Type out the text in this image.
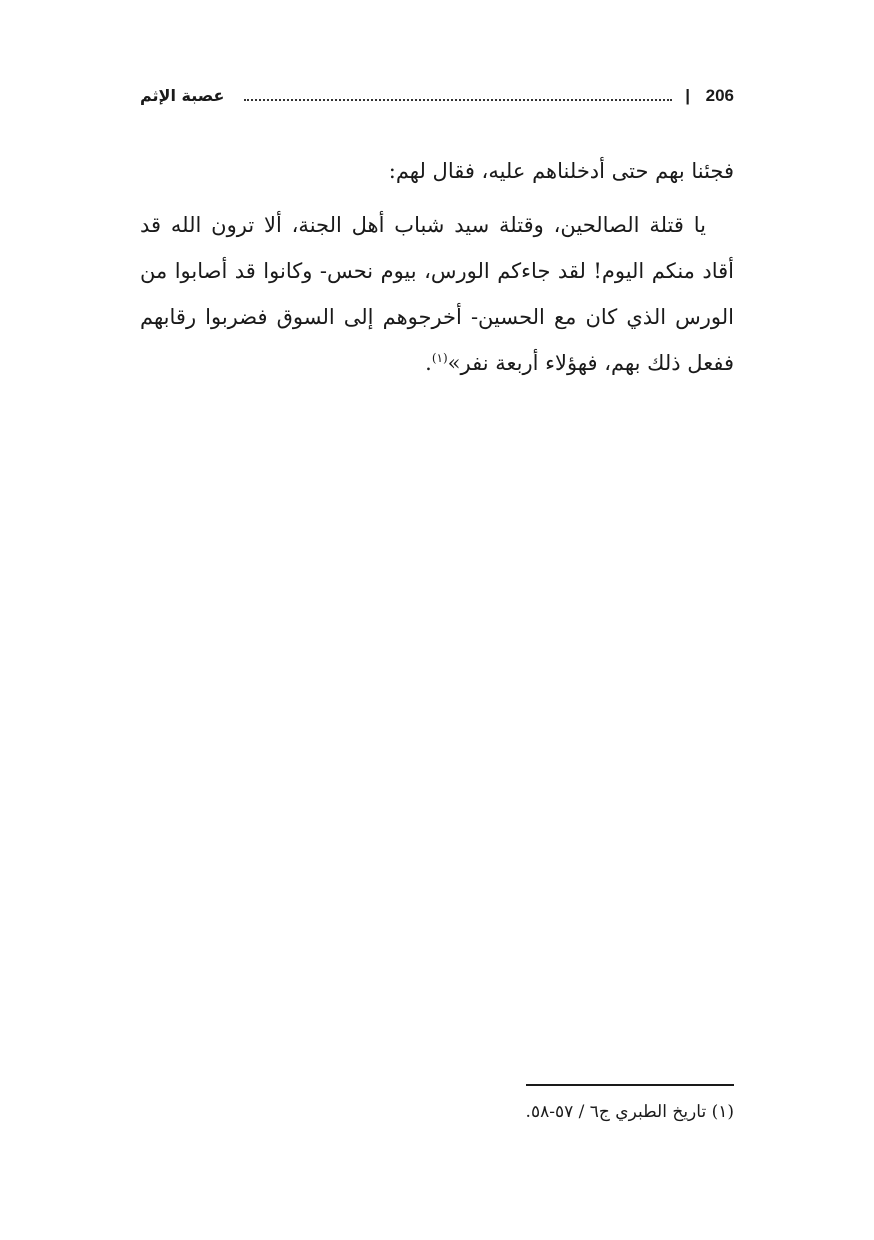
206
|
عصبة الإثم

فجئنا بهم حتى أدخلناهم عليه، فقال لهم:

يا قتلة الصالحين، وقتلة سيد شباب أهل الجنة، ألا ترون الله قد أقاد منكم اليوم! لقد جاءكم الورس، بيوم نحس- وكانوا قد أصابوا من الورس الذي كان مع الحسين- أخرجوهم إلى السوق فضربوا رقابهم ففعل ذلك بهم، فهؤلاء أربعة نفر»$^{(١)}$.

(١) تاريخ الطبري ج٦ / ٥٧-٥٨.
